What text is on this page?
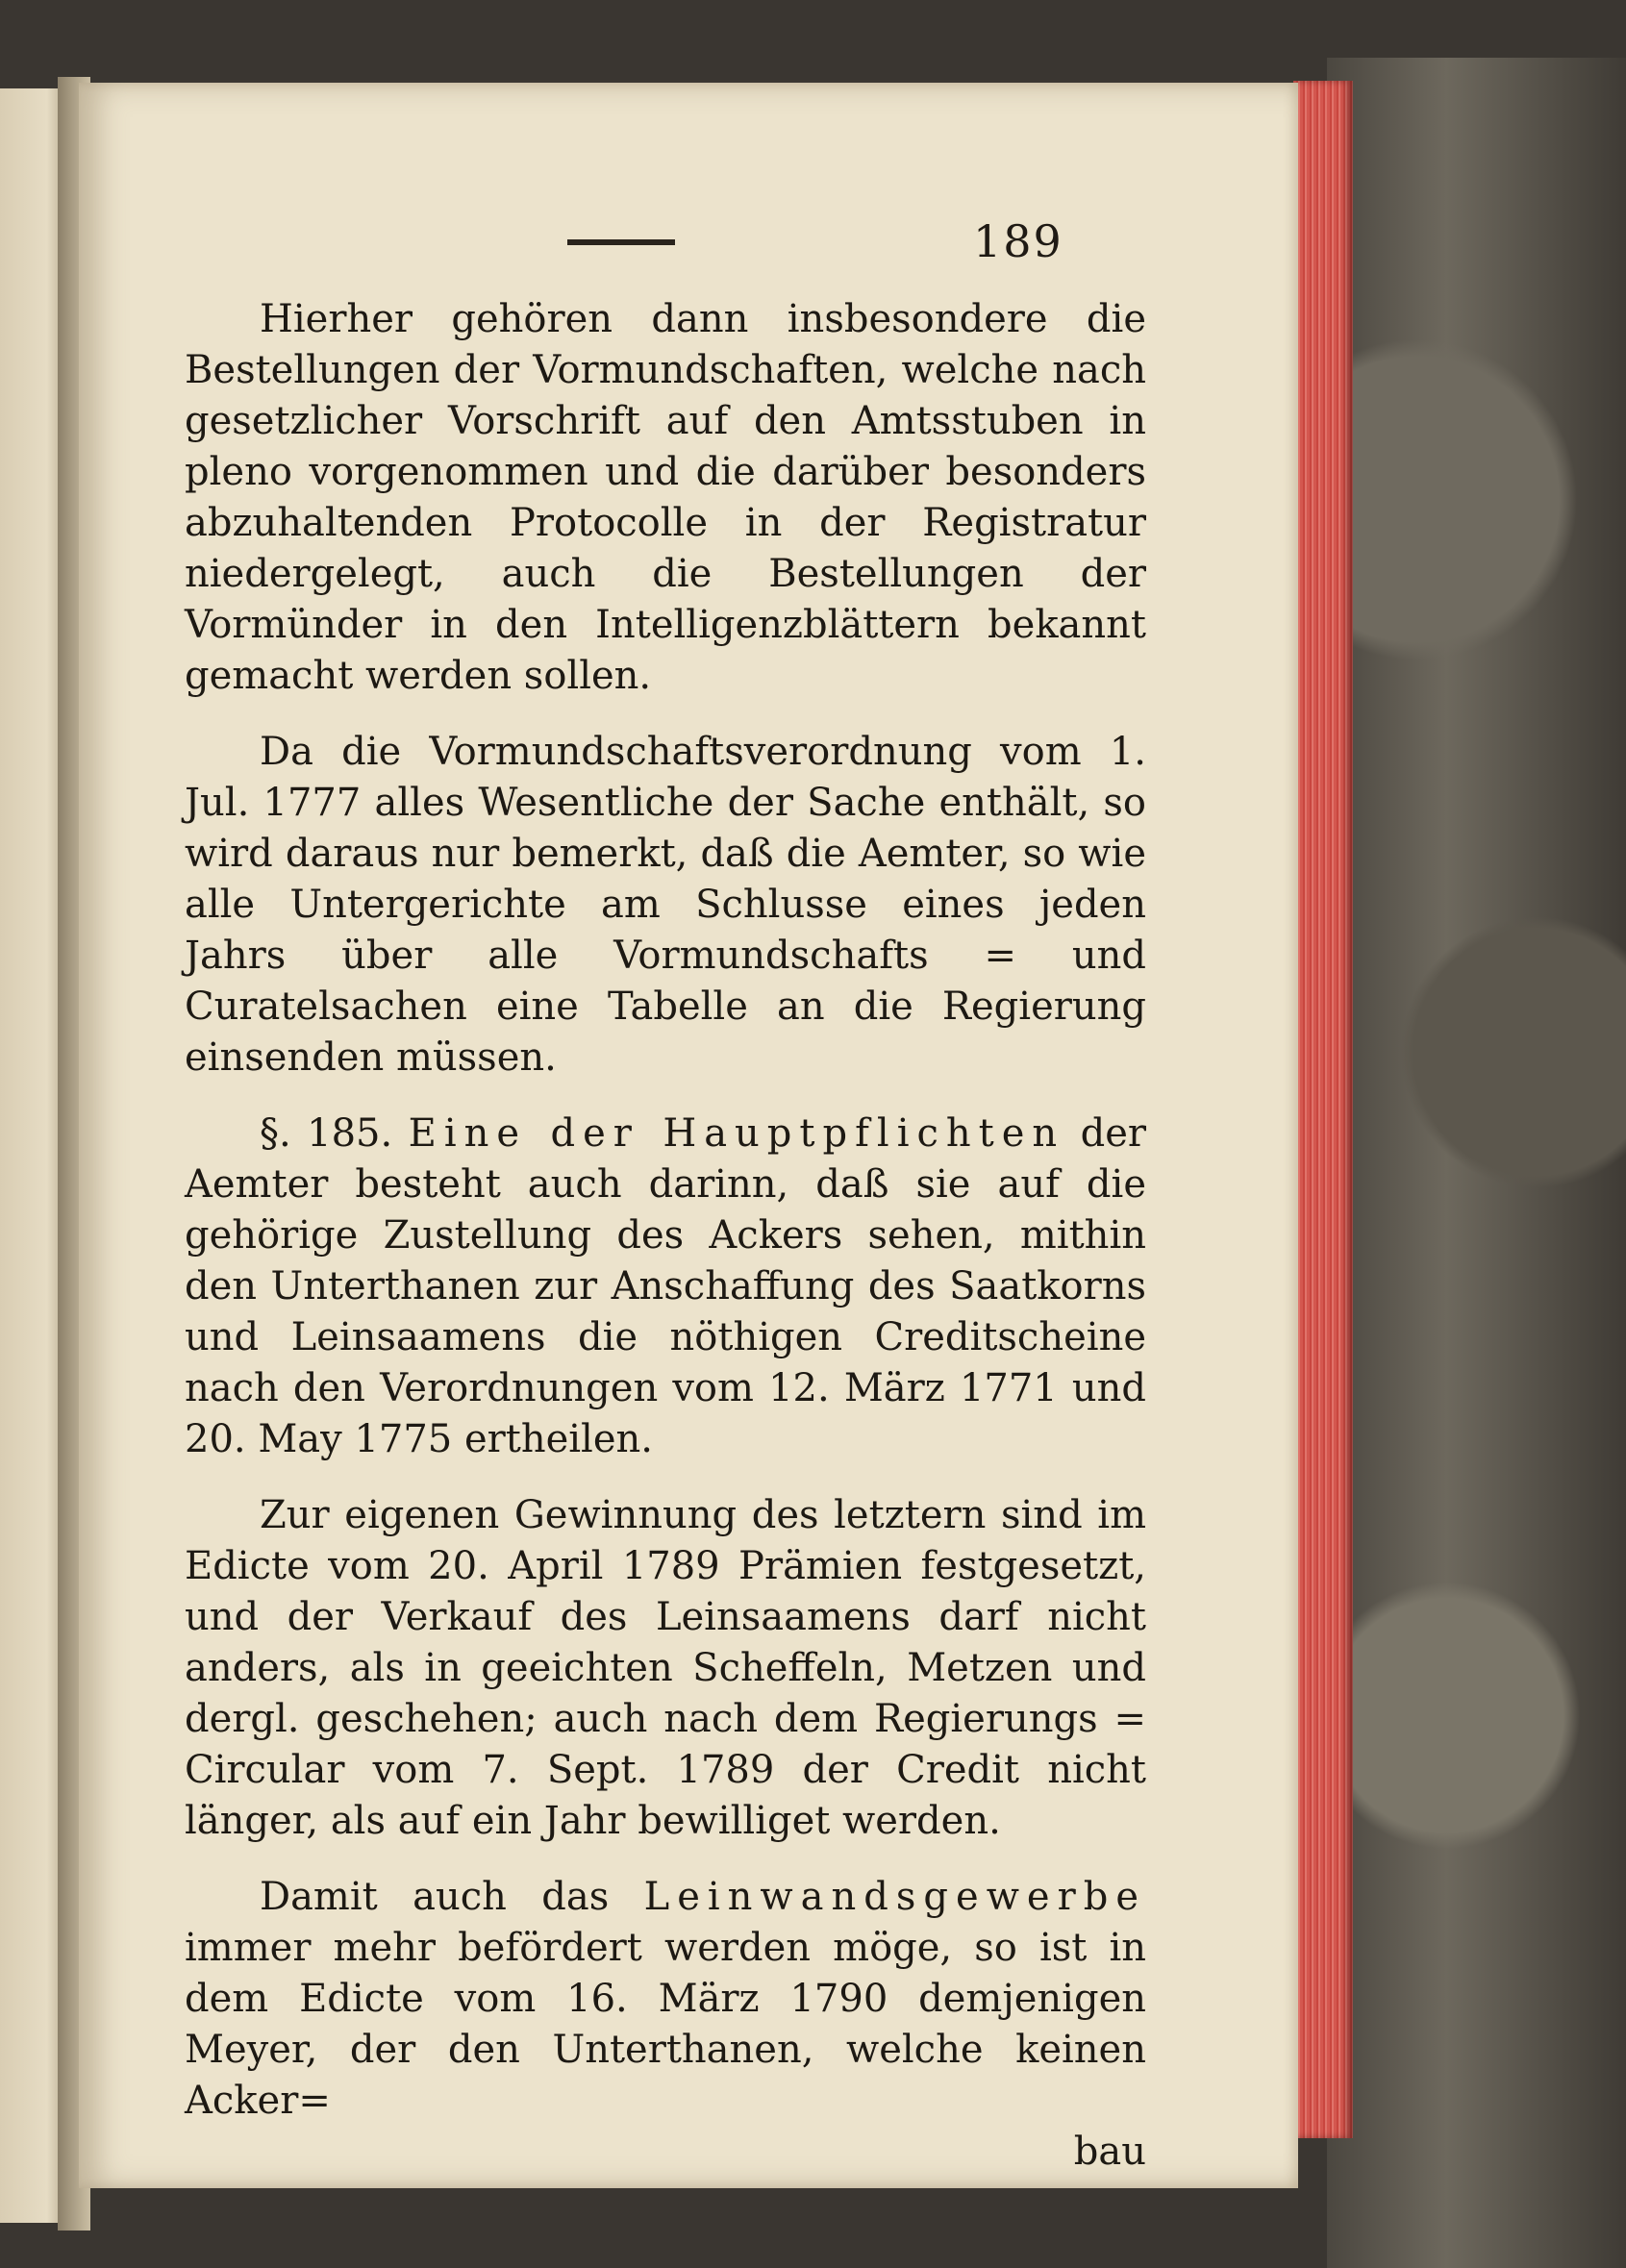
189

Hierher gehören dann insbesondere die Bestellungen der Vormundschaften, welche nach gesetzlicher Vorschrift auf den Amtsstuben in pleno vorgenommen und die darüber besonders abzuhaltenden Protocolle in der Registratur niedergelegt, auch die Bestellungen der Vormünder in den Intelligenzblättern bekannt gemacht werden sollen.

Da die Vormundschaftsverordnung vom 1. Jul. 1777 alles Wesentliche der Sache enthält, so wird daraus nur bemerkt, daß die Aemter, so wie alle Untergerichte am Schlusse eines jeden Jahrs über alle Vormundschafts = und Curatelsachen eine Tabelle an die Regierung einsenden müssen.

§. 185. Eine der Hauptpflichten der Aemter besteht auch darinn, daß sie auf die gehörige Zustellung des Ackers sehen, mithin den Unterthanen zur Anschaffung des Saatkorns und Leinsaamens die nöthigen Creditscheine nach den Verordnungen vom 12. März 1771 und 20. May 1775 ertheilen.

Zur eigenen Gewinnung des letztern sind im Edicte vom 20. April 1789 Prämien festgesetzt, und der Verkauf des Leinsaamens darf nicht anders, als in geeichten Scheffeln, Metzen und dergl. geschehen; auch nach dem Regierungs = Circular vom 7. Sept. 1789 der Credit nicht länger, als auf ein Jahr bewilliget werden.

Damit auch das Leinwandsgewerbe immer mehr befördert werden möge, so ist in dem Edicte vom 16. März 1790 demjenigen Meyer, der den Unterthanen, welche keinen Acker=

bau
